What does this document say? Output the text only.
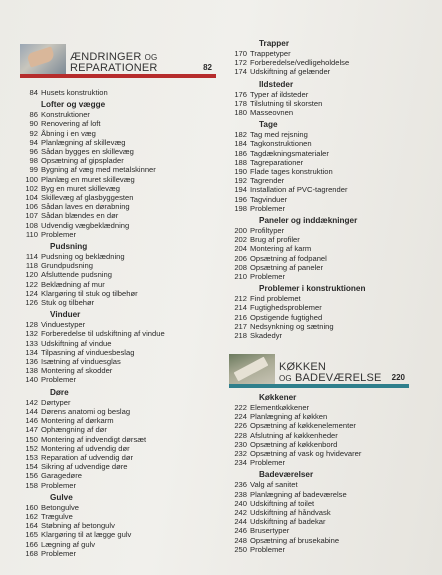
ÆNDRINGER OG
REPARATIONER	82
84 Husets konstruktion
Lofter og vægge
86 Konstruktioner
90 Renovering af loft
92 Åbning i en væg
94 Planlægning af skillevæg
96 Sådan bygges en skillevæg
98 Opsætning af gipsplader
99 Bygning af væg med metalskinner
100 Planlæg en muret skillevæg
102 Byg en muret skillevæg
104 Skillevæg af glasbyggesten
106 Sådan laves en dørabning
107 Sådan blændes en dør
108 Udvendig vægbeklædning
110 Problemer
Pudsning
114 Pudsning og beklædning
118 Grundpudsning
120 Afsluttende pudsning
122 Beklædning af mur
124 Klargøring til stuk og tilbehør
126 Stuk og tilbehør
Vinduer
128 Vinduestyper
132 Forberedelse til udskiftning af vindue
133 Udskiftning af vindue
134 Tilpasning af vinduesbeslag
136 Isætning af vinduesglas
138 Montering af skodder
140 Problemer
Døre
142 Dørtyper
144 Dørens anatomi og beslag
146 Montering af dørkarm
147 Ophængning af dør
150 Montering af indvendigt dørsæt
152 Montering af udvendig dør
153 Reparation af udvendig dør
154 Sikring af udvendige døre
156 Garagedøre
158 Problemer
Gulve
160 Betongulve
162 Trægulve
164 Støbning af betongulv
165 Klargøring til at lægge gulv
166 Lægning af gulv
168 Problemer
Trapper
170 Trappetyper
172 Forberedelse/vedligeholdelse
174 Udskiftning af gelænder
Ildsteder
176 Typer af ildsteder
178 Tilslutning til skorsten
180 Masseovnen
Tage
182 Tag med rejsning
184 Tagkonstruktionen
186 Tagdækningsmaterialer
188 Tagreparationer
190 Flade tages konstruktion
192 Tagrender
194 Installation af PVC-tagrender
196 Tagvinduer
198 Problemer
Paneler og inddækninger
200 Profiltyper
202 Brug af profiler
204 Montering af karm
206 Opsætning af fodpanel
208 Opsætning af paneler
210 Problemer
Problemer i konstruktionen
212 Find problemet
214 Fugtighedsproblemer
216 Opstigende fugtighed
217 Nedsynkning og sætning
218 Skadedyr
KØKKEN
OG BADEVÆRELSE	220
Køkkener
222 Elementkøkkener
224 Planlægning af køkken
226 Opsætning af køkkenelementer
228 Afslutning af køkkenheder
230 Opsætning af køkkenbord
232 Opsætning af vask og hvidevarer
234 Problemer
Badeværelser
236 Valg af sanitet
238 Planlægning af badeværelse
240 Udskiftning af toilet
242 Udskiftning af håndvask
244 Udskiftning af badekar
246 Brusertyper
248 Opsætning af brusekabine
250 Problemer
